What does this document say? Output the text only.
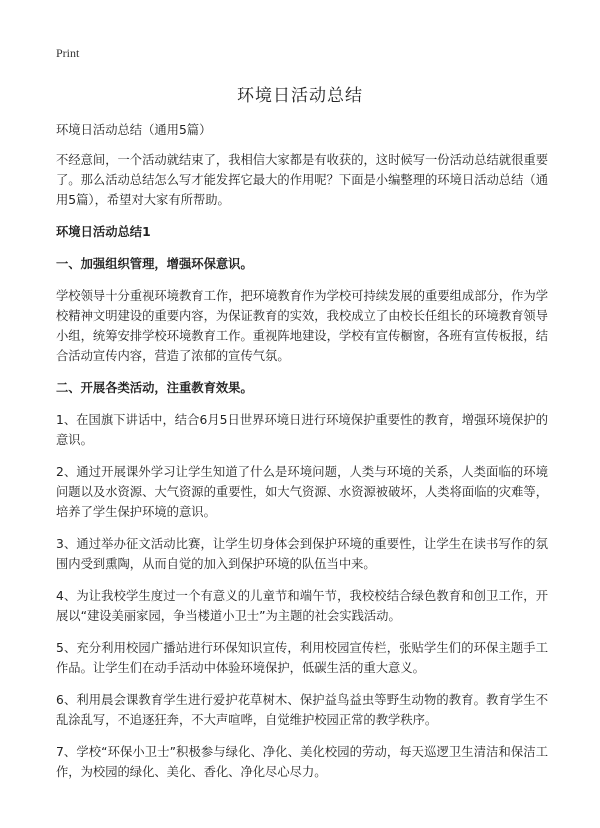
Print
环境日活动总结

环境日活动总结（通用5篇）

不经意间，一个活动就结束了，我相信大家都是有收获的，这时候写一份活动总结就很重要了。那么活动总结怎么写才能发挥它最大的作用呢？下面是小编整理的环境日活动总结（通用5篇），希望对大家有所帮助。

环境日活动总结1

一、加强组织管理，增强环保意识。

学校领导十分重视环境教育工作，把环境教育作为学校可持续发展的重要组成部分，作为学校精神文明建设的重要内容，为保证教育的实效，我校成立了由校长任组长的环境教育领导小组，统筹安排学校环境教育工作。重视阵地建设，学校有宣传橱窗，各班有宣传板报，结合活动宣传内容，营造了浓郁的宣传气氛。

二、开展各类活动，注重教育效果。

1、在国旗下讲话中，结合6月5日世界环境日进行环境保护重要性的教育，增强环境保护的意识。

2、通过开展课外学习让学生知道了什么是环境问题，人类与环境的关系，人类面临的环境问题以及水资源、大气资源的重要性，如大气资源、水资源被破坏，人类将面临的灾难等，培养了学生保护环境的意识。

3、通过举办征文活动比赛，让学生切身体会到保护环境的重要性，让学生在读书写作的氛围内受到熏陶，从而自觉的加入到保护环境的队伍当中来。

4、为让我校学生度过一个有意义的儿童节和端午节，我校校结合绿色教育和创卫工作，开展以“建设美丽家园，争当楼道小卫士”为主题的社会实践活动。

5、充分利用校园广播站进行环保知识宣传，利用校园宣传栏，张贴学生们的环保主题手工作品。让学生们在动手活动中体验环境保护，低碳生活的重大意义。

6、利用晨会课教育学生进行爱护花草树木、保护益鸟益虫等野生动物的教育。教育学生不乱涂乱写，不追逐狂奔，不大声喧哗，自觉维护校园正常的教学秩序。

7、学校“环保小卫士”积极参与绿化、净化、美化校园的劳动，每天巡逻卫生清洁和保洁工作，为校园的绿化、美化、香化、净化尽心尽力。
